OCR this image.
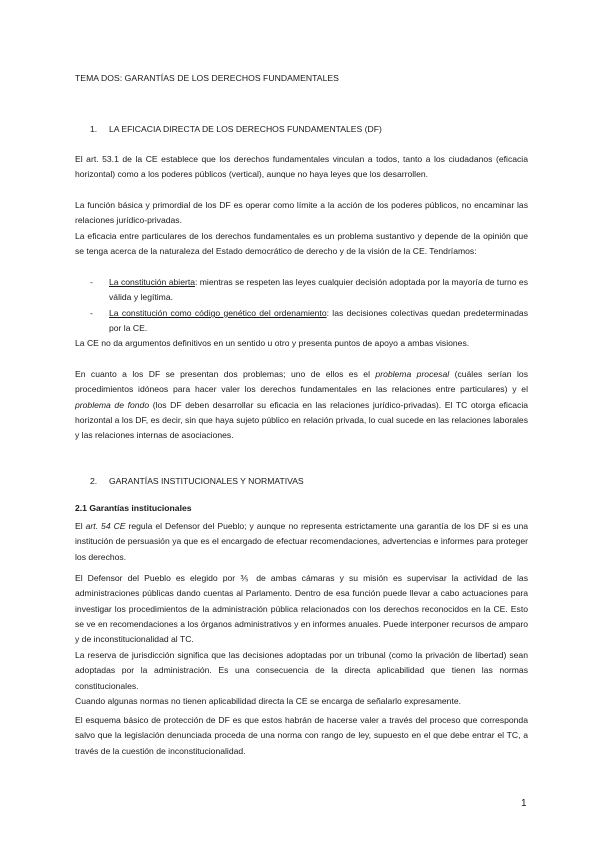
TEMA DOS: GARANTÍAS DE LOS DERECHOS FUNDAMENTALES
1. LA EFICACIA DIRECTA DE LOS DERECHOS FUNDAMENTALES (DF)
El art. 53.1 de la CE establece que los derechos fundamentales vinculan a todos, tanto a los ciudadanos (eficacia horizontal) como a los poderes públicos (vertical), aunque no haya leyes que los desarrollen.
La función básica y primordial de los DF es operar como límite a la acción de los poderes públicos, no encaminar las relaciones jurídico-privadas.
La eficacia entre particulares de los derechos fundamentales es un problema sustantivo y depende de la opinión que se tenga acerca de la naturaleza del Estado democrático de derecho y de la visión de la CE. Tendríamos:
- La constitución abierta: mientras se respeten las leyes cualquier decisión adoptada por la mayoría de turno es válida y legítima.
- La constitución como código genético del ordenamiento: las decisiones colectivas quedan predeterminadas por la CE.
La CE no da argumentos definitivos en un sentido u otro y presenta puntos de apoyo a ambas visiones.
En cuanto a los DF se presentan dos problemas; uno de ellos es el problema procesal (cuáles serían los procedimientos idóneos para hacer valer los derechos fundamentales en las relaciones entre particulares) y el problema de fondo (los DF deben desarrollar su eficacia en las relaciones jurídico-privadas). El TC otorga eficacia horizontal a los DF, es decir, sin que haya sujeto público en relación privada, lo cual sucede en las relaciones laborales y las relaciones internas de asociaciones.
2. GARANTÍAS INSTITUCIONALES Y NORMATIVAS
2.1 Garantías institucionales
El art. 54 CE regula el Defensor del Pueblo; y aunque no representa estrictamente una garantía de los DF si es una institución de persuasión ya que es el encargado de efectuar recomendaciones, advertencias e informes para proteger los derechos.
El Defensor del Pueblo es elegido por ⅗ de ambas cámaras y su misión es supervisar la actividad de las administraciones públicas dando cuentas al Parlamento. Dentro de esa función puede llevar a cabo actuaciones para investigar los procedimientos de la administración pública relacionados con los derechos reconocidos en la CE. Esto se ve en recomendaciones a los órganos administrativos y en informes anuales. Puede interponer recursos de amparo y de inconstitucionalidad al TC.
La reserva de jurisdicción significa que las decisiones adoptadas por un tribunal (como la privación de libertad) sean adoptadas por la administración. Es una consecuencia de la directa aplicabilidad que tienen las normas constitucionales.
Cuando algunas normas no tienen aplicabilidad directa la CE se encarga de señalarlo expresamente.
El esquema básico de protección de DF es que estos habrán de hacerse valer a través del proceso que corresponda salvo que la legislación denunciada proceda de una norma con rango de ley, supuesto en el que debe entrar el TC, a través de la cuestión de inconstitucionalidad.
1
